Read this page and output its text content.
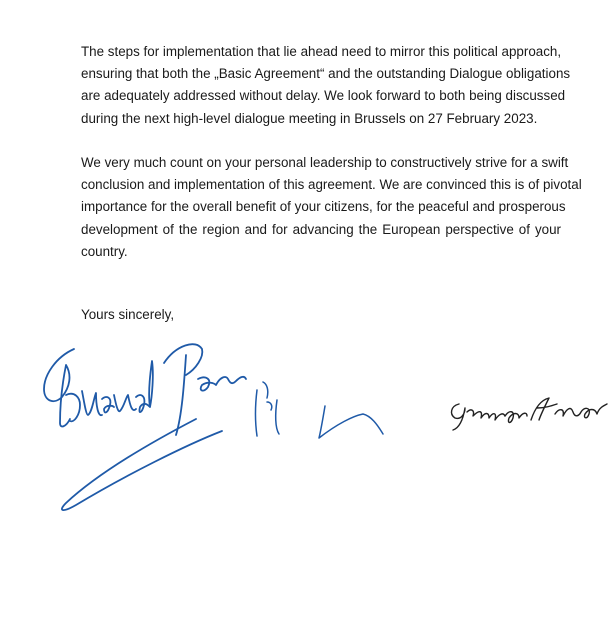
The steps for implementation that lie ahead need to mirror this political approach,
ensuring that both the „Basic Agreement“ and the outstanding Dialogue obligations
are adequately addressed without delay. We look forward to both being discussed
during the next high-level dialogue meeting in Brussels on 27 February 2023.
We very much count on your personal leadership to constructively strive for a swift
conclusion and implementation of this agreement. We are convinced this is of pivotal
importance for the overall benefit of your citizens, for the peaceful and prosperous
development of the region and for advancing the European perspective of your
country.

Yours sincerely,
